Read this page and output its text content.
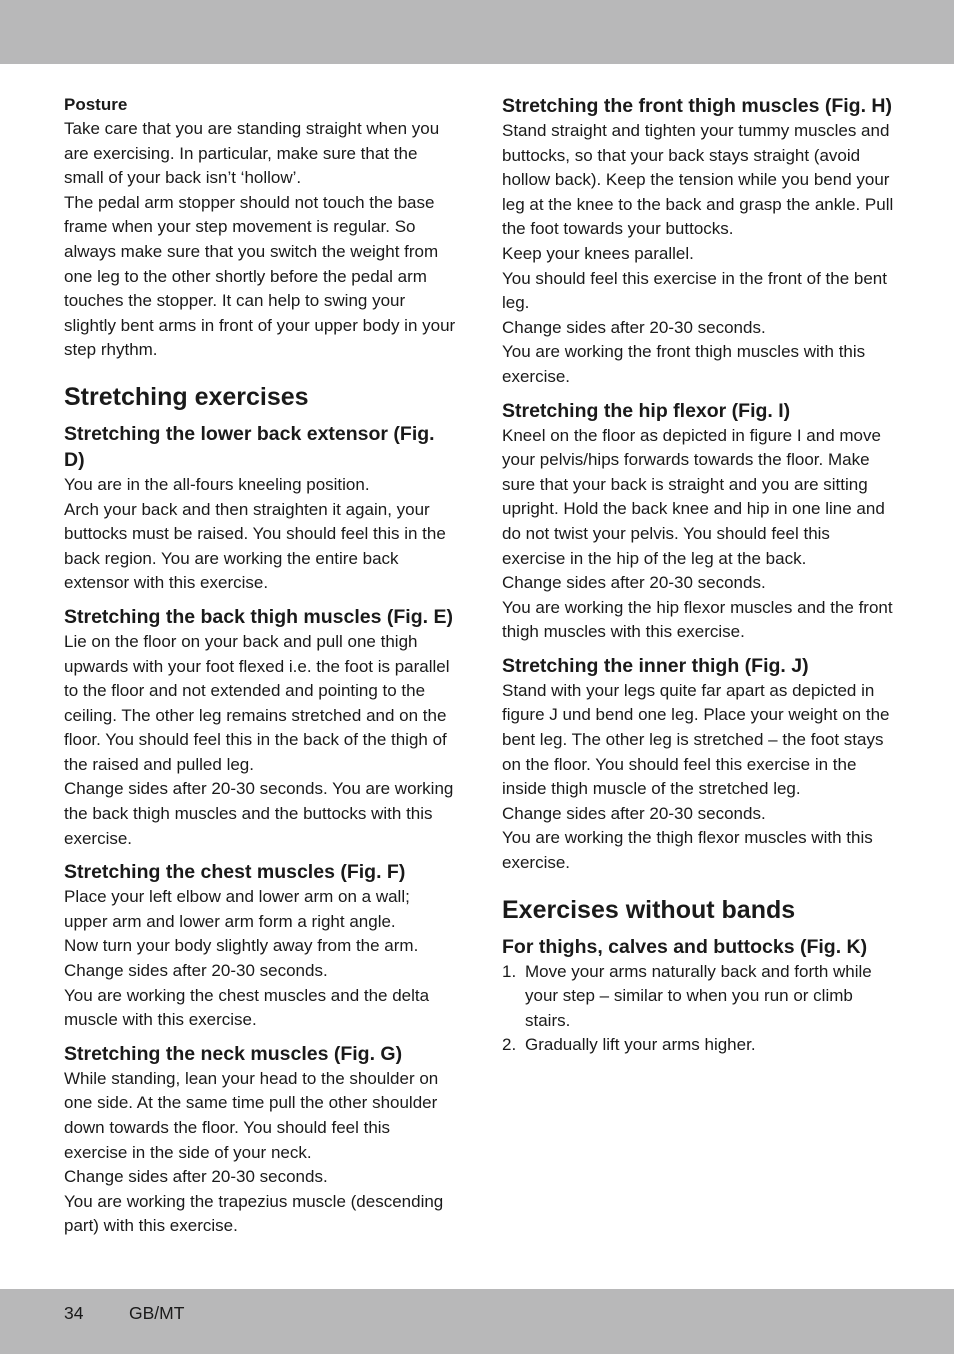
Posture
Take care that you are standing straight when you are exercising. In particular, make sure that the small of your back isn’t ‘hollow’.
The pedal arm stopper should not touch the base frame when your step movement is regular. So always make sure that you switch the weight from one leg to the other shortly before the pedal arm touches the stopper. It can help to swing your slightly bent arms in front of your upper body in your step rhythm.
Stretching exercises
Stretching the lower back extensor (Fig. D)
You are in the all-fours kneeling position.
Arch your back and then straighten it again, your buttocks must be raised. You should feel this in the back region. You are working the entire back extensor with this exercise.
Stretching the back thigh muscles (Fig. E)
Lie on the floor on your back and pull one thigh upwards with your foot flexed i.e. the foot is parallel to the floor and not extended and pointing to the ceiling. The other leg remains stretched and on the floor. You should feel this in the back of the thigh of the raised and pulled leg.
Change sides after 20-30 seconds. You are working the back thigh muscles and the buttocks with this exercise.
Stretching the chest muscles (Fig. F)
Place your left elbow and lower arm on a wall; upper arm and lower arm form a right angle.
Now turn your body slightly away from the arm.
Change sides after 20-30 seconds.
You are working the chest muscles and the delta muscle with this exercise.
Stretching the neck muscles (Fig. G)
While standing, lean your head to the shoulder on one side. At the same time pull the other shoulder down towards the floor. You should feel this exercise in the side of your neck.
Change sides after 20-30 seconds.
You are working the trapezius muscle (descending part) with this exercise.
Stretching the front thigh muscles (Fig. H)
Stand straight and tighten your tummy muscles and buttocks, so that your back stays straight (avoid hollow back). Keep the tension while you bend your leg at the knee to the back and grasp the ankle. Pull the foot towards your buttocks.
Keep your knees parallel.
You should feel this exercise in the front of the bent leg.
Change sides after 20-30 seconds.
You are working the front thigh muscles with this exercise.
Stretching the hip flexor (Fig. I)
Kneel on the floor as depicted in figure I and move your pelvis/hips forwards towards the floor. Make sure that your back is straight and you are sitting upright. Hold the back knee and hip in one line and do not twist your pelvis. You should feel this exercise in the hip of the leg at the back.
Change sides after 20-30 seconds.
You are working the hip flexor muscles and the front thigh muscles with this exercise.
Stretching the inner thigh (Fig. J)
Stand with your legs quite far apart as depicted in figure J und bend one leg. Place your weight on the bent leg. The other leg is stretched – the foot stays on the floor. You should feel this exercise in the inside thigh muscle of the stretched leg.
Change sides after 20-30 seconds.
You are working the thigh flexor muscles with this exercise.
Exercises without bands
For thighs, calves and buttocks (Fig. K)
1. Move your arms naturally back and forth while your step – similar to when you run or climb stairs.
2. Gradually lift your arms higher.
34	GB/MT
